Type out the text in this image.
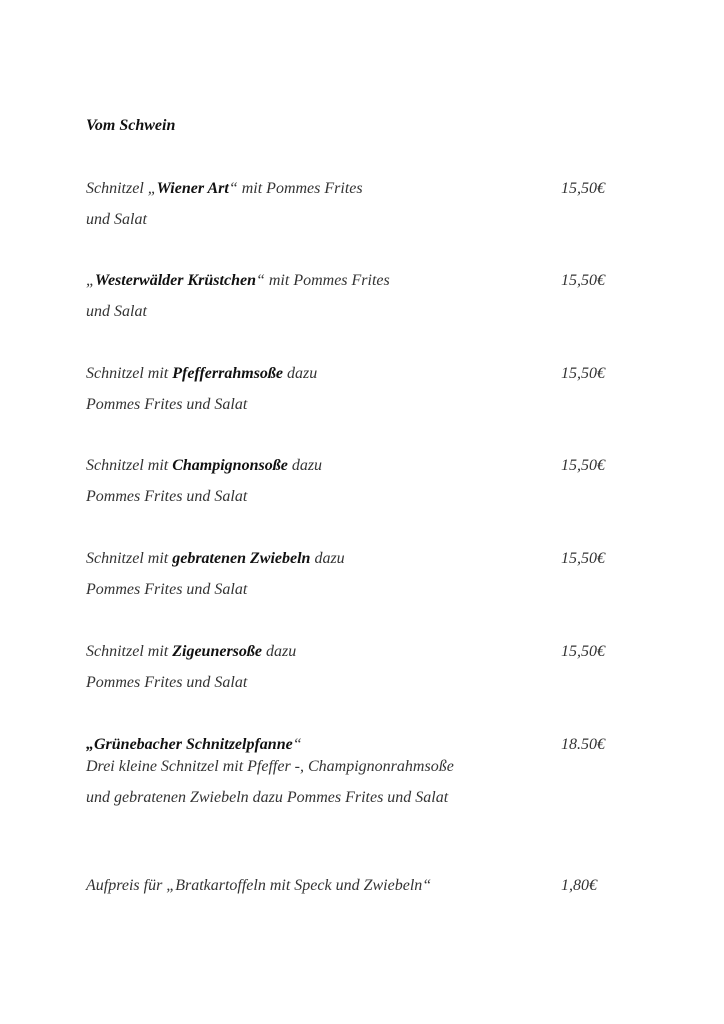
Vom Schwein
Schnitzel „Wiener Art“ mit Pommes Frites
und Salat
15,50€
„Westerwälder Krüstchen“ mit Pommes Frites
und Salat
15,50€
Schnitzel mit Pfefferrahmsoße dazu
Pommes Frites und Salat
15,50€
Schnitzel mit Champignonsoße dazu
Pommes Frites und Salat
15,50€
Schnitzel mit gebratenen Zwiebeln dazu
Pommes Frites und Salat
15,50€
Schnitzel mit Zigeunersoße dazu
Pommes Frites und Salat
15,50€
„Grünebacher Schnitzelpfanne“
Drei kleine Schnitzel mit Pfeffer -, Champignonrahmsoße
und gebratenen Zwiebeln dazu Pommes Frites und Salat
18.50€
Aufpreis für „Bratkartoffeln mit Speck und Zwiebeln“	1,80€
